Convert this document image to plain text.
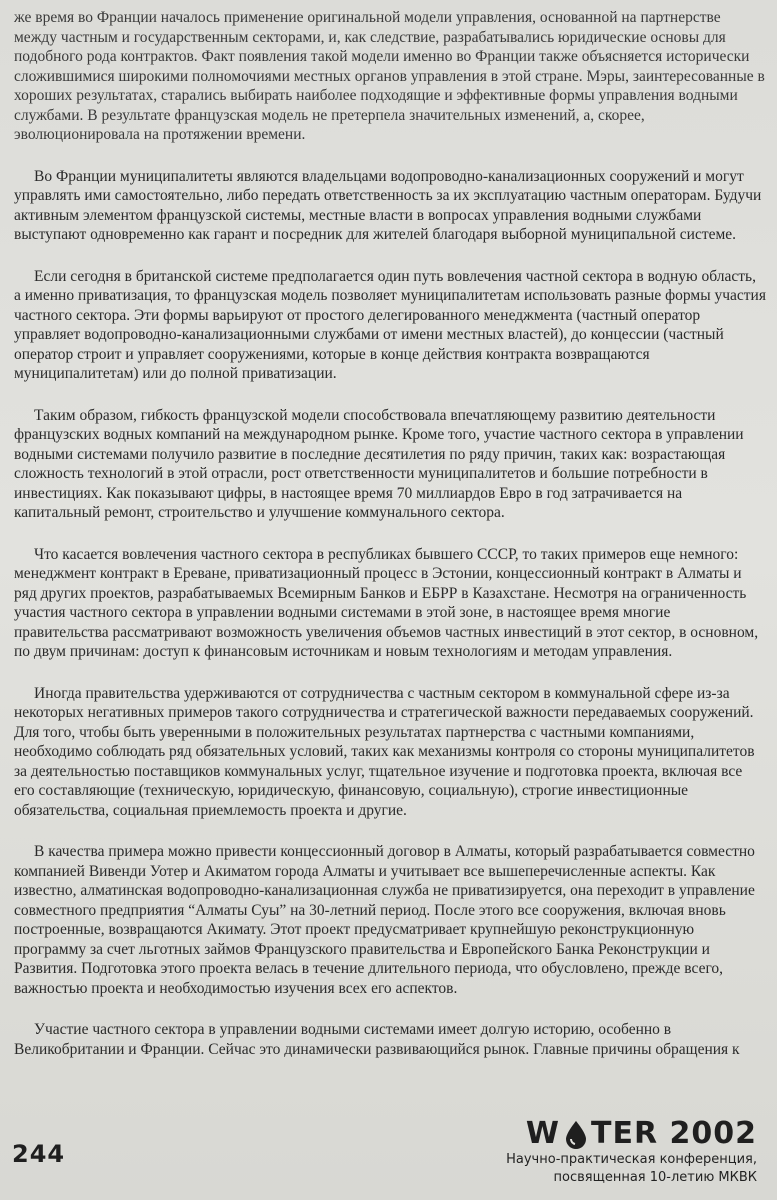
же время во Франции началось применение оригинальной модели управления, основанной на партнерстве между частным и государственным секторами, и, как следствие, разрабатывались юридические основы для подобного рода контрактов. Факт появления такой модели именно во Франции также объясняется исторически сложившимися широкими полномочиями местных органов управления в этой стране. Мэры, заинтересованные в хороших результатах, старались выбирать наиболее подходящие и эффективные формы управления водными службами. В результате французская модель не претерпела значительных изменений, а, скорее, эволюционировала на протяжении времени.

Во Франции муниципалитеты являются владельцами водопроводно-канализационных сооружений и могут управлять ими самостоятельно, либо передать ответственность за их эксплуатацию частным операторам. Будучи активным элементом французской системы, местные власти в вопросах управления водными службами выступают одновременно как гарант и посредник для жителей благодаря выборной муниципальной системе.

Если сегодня в британской системе предполагается один путь вовлечения частной сектора в водную область, а именно приватизация, то французская модель позволяет муниципалитетам использовать разные формы участия частного сектора. Эти формы варьируют от простого делегированного менеджмента (частный оператор управляет водопроводно-канализационными службами от имени местных властей), до концессии (частный оператор строит и управляет сооружениями, которые в конце действия контракта возвращаются муниципалитетам) или до полной приватизации.

Таким образом, гибкость французской модели способствовала впечатляющему развитию деятельности французских водных компаний на международном рынке. Кроме того, участие частного сектора в управлении водными системами получило развитие в последние десятилетия по ряду причин, таких как: возрастающая сложность технологий в этой отрасли, рост ответственности муниципалитетов и большие потребности в инвестициях. Как показывают цифры, в настоящее время 70 миллиардов Евро в год затрачивается на капитальный ремонт, строительство и улучшение коммунального сектора.

Что касается вовлечения частного сектора в республиках бывшего СССР, то таких примеров еще немного: менеджмент контракт в Ереване, приватизационный процесс в Эстонии, концессионный контракт в Алматы и ряд других проектов, разрабатываемых Всемирным Банков и ЕБРР в Казахстане. Несмотря на ограниченность участия частного сектора в управлении водными системами в этой зоне, в настоящее время многие правительства рассматривают возможность увеличения объемов частных инвестиций в этот сектор, в основном, по двум причинам: доступ к финансовым источникам и новым технологиям и методам управления.

Иногда правительства удерживаются от сотрудничества с частным сектором в коммунальной сфере из-за некоторых негативных примеров такого сотрудничества и стратегической важности передаваемых сооружений. Для того, чтобы быть уверенными в положительных результатах партнерства с частными компаниями, необходимо соблюдать ряд обязательных условий, таких как механизмы контроля со стороны муниципалитетов за деятельностью поставщиков коммунальных услуг, тщательное изучение и подготовка проекта, включая все его составляющие (техническую, юридическую, финансовую, социальную), строгие инвестиционные обязательства, социальная приемлемость проекта и другие.

В качества примера можно привести концессионный договор в Алматы, который разрабатывается совместно компанией Вивенди Уотер и Акиматом города Алматы и учитывает все вышеперечисленные аспекты. Как известно, алматинская водопроводно-канализационная служба не приватизируется, она переходит в управление совместного предприятия “Алматы Суы” на 30-летний период. После этого все сооружения, включая вновь построенные, возвращаются Акимату. Этот проект предусматривает крупнейшую реконструкционную программу за счет льготных займов Французского правительства и Европейского Банка Реконструкции и Развития. Подготовка этого проекта велась в течение длительного периода, что обусловлено, прежде всего, важностью проекта и необходимостью изучения всех его аспектов.

Участие частного сектора в управлении водными системами имеет долгую историю, особенно в Великобритании и Франции. Сейчас это динамически развивающийся рынок. Главные причины обращения к

244
W TER 2002
Научно-практическая конференция,
посвященная 10-летию МКВК
